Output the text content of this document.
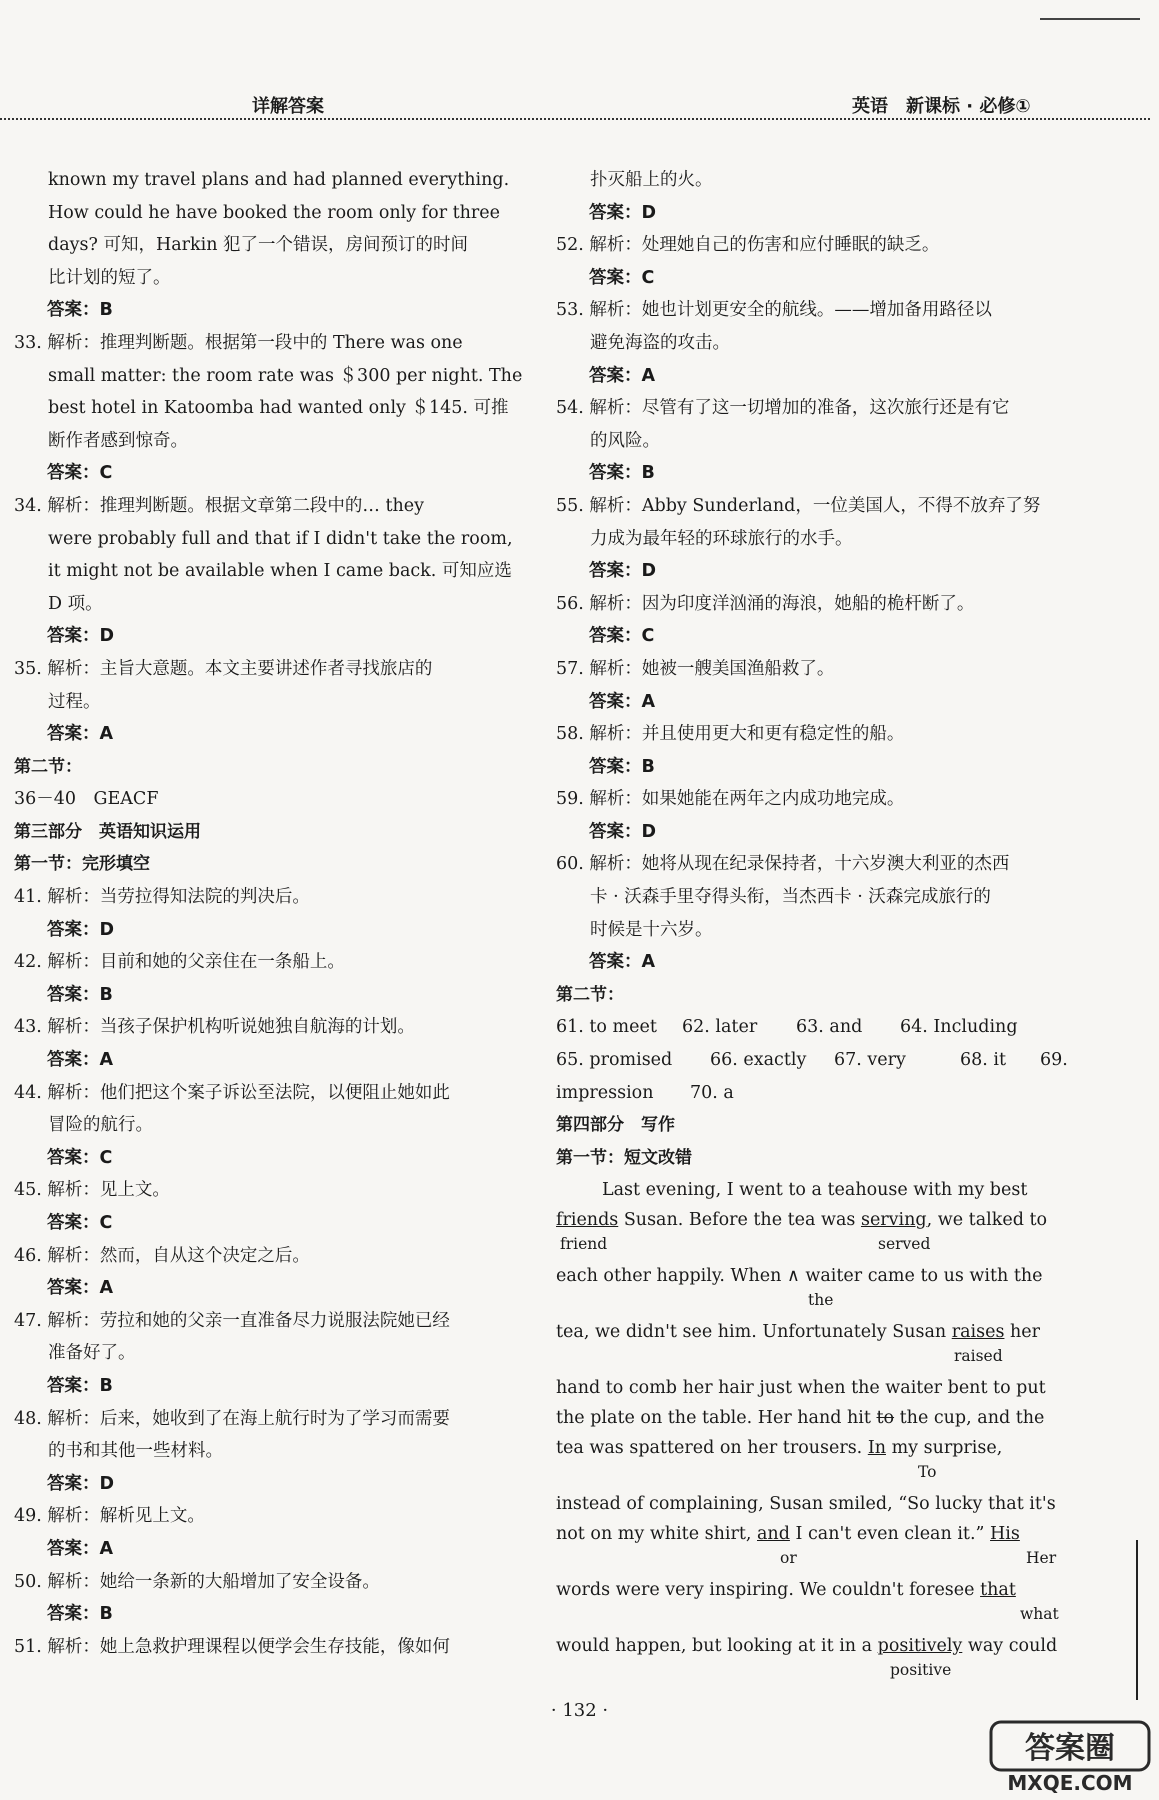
详解答案	英语　新课标 · 必修①
known my travel plans and had planned everything.
How could he have booked the room only for three
days? 可知，Harkin 犯了一个错误，房间预订的时间
比计划的短了。
答案：B
33. 解析：推理判断题。根据第一段中的 There was one
small matter: the room rate was ＄300 per night. The
best hotel in Katoomba had wanted only ＄145. 可推
断作者感到惊奇。
答案：C
34. 解析：推理判断题。根据文章第二段中的… they
were probably full and that if I didn't take the room,
it might not be available when I came back. 可知应选
D 项。
答案：D
35. 解析：主旨大意题。本文主要讲述作者寻找旅店的
过程。
答案：A
第二节：
36－40　GEACF
第三部分　英语知识运用
第一节：完形填空
41. 解析：当劳拉得知法院的判决后。
答案：D
42. 解析：目前和她的父亲住在一条船上。
答案：B
43. 解析：当孩子保护机构听说她独自航海的计划。
答案：A
44. 解析：他们把这个案子诉讼至法院，以便阻止她如此
冒险的航行。
答案：C
45. 解析：见上文。
答案：C
46. 解析：然而，自从这个决定之后。
答案：A
47. 解析：劳拉和她的父亲一直准备尽力说服法院她已经
准备好了。
答案：B
48. 解析：后来，她收到了在海上航行时为了学习而需要
的书和其他一些材料。
答案：D
49. 解析：解析见上文。
答案：A
50. 解析：她给一条新的大船增加了安全设备。
答案：B
51. 解析：她上急救护理课程以便学会生存技能，像如何
扑灭船上的火。
答案：D
52. 解析：处理她自己的伤害和应付睡眠的缺乏。
答案：C
53. 解析：她也计划更安全的航线。——增加备用路径以
避免海盗的攻击。
答案：A
54. 解析：尽管有了这一切增加的准备，这次旅行还是有它
的风险。
答案：B
55. 解析：Abby Sunderland，一位美国人，不得不放弃了努
力成为最年轻的环球旅行的水手。
答案：D
56. 解析：因为印度洋汹涌的海浪，她船的桅杆断了。
答案：C
57. 解析：她被一艘美国渔船救了。
答案：A
58. 解析：并且使用更大和更有稳定性的船。
答案：B
59. 解析：如果她能在两年之内成功地完成。
答案：D
60. 解析：她将从现在纪录保持者，十六岁澳大利亚的杰西
卡 · 沃森手里夺得头衔，当杰西卡 · 沃森完成旅行的
时候是十六岁。
答案：A
第二节：
61. to meet 62. later 63. and 64. Including
65. promised 66. exactly 67. very	68. it 69.
impression 70. a
第四部分　写作
第一节：短文改错
Last evening, I went to a teahouse with my best
friends Susan. Before the tea was serving, we talked to
friend	served
each other happily. When ∧ waiter came to us with the
the
tea, we didn't see him. Unfortunately Susan raises her
raised
hand to comb her hair just when the waiter bent to put
the plate on the table. Her hand hit to the cup, and the
tea was spattered on her trousers. In my surprise,
To
instead of complaining, Susan smiled, “So lucky that it's
not on my white shirt, and I can't even clean it.” His
or	Her
words were very inspiring. We couldn't foresee that
what
would happen, but looking at it in a positively way could
positive
· 132 ·
答案圈
MXQE.COM
